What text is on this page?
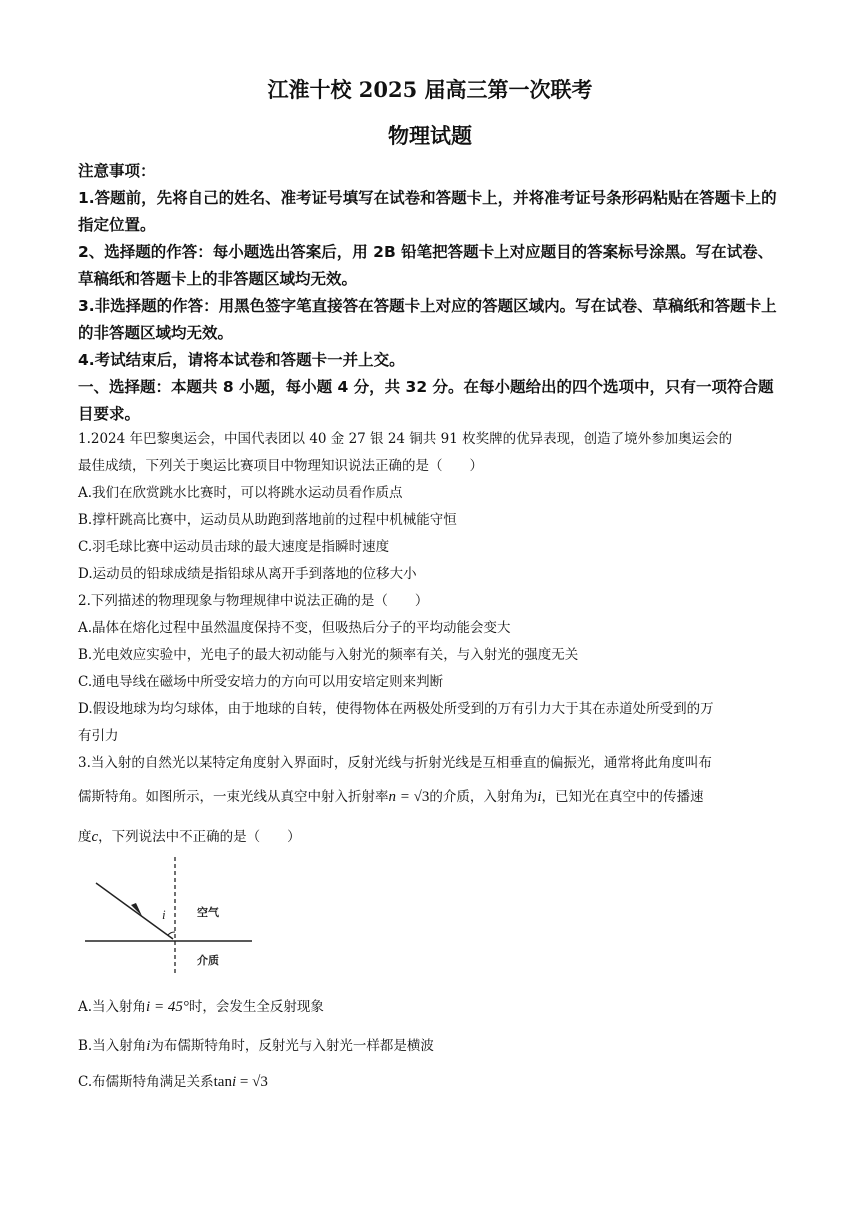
江淮十校 2025 届高三第一次联考
物理试题
注意事项：
1.答题前，先将自己的姓名、准考证号填写在试卷和答题卡上，并将准考证号条形码粘贴在答题卡上的指定位置。
2、选择题的作答：每小题选出答案后，用 2B 铅笔把答题卡上对应题目的答案标号涂黑。写在试卷、草稿纸和答题卡上的非答题区域均无效。
3.非选择题的作答：用黑色签字笔直接答在答题卡上对应的答题区域内。写在试卷、草稿纸和答题卡上的非答题区域均无效。
4.考试结束后，请将本试卷和答题卡一并上交。
一、选择题：本题共 8 小题，每小题 4 分，共 32 分。在每小题给出的四个选项中，只有一项符合题目要求。
1.2024 年巴黎奥运会，中国代表团以 40 金 27 银 24 铜共 91 枚奖牌的优异表现，创造了境外参加奥运会的
最佳成绩，下列关于奥运比赛项目中物理知识说法正确的是（　　）
A.我们在欣赏跳水比赛时，可以将跳水运动员看作质点
B.撑杆跳高比赛中，运动员从助跑到落地前的过程中机械能守恒
C.羽毛球比赛中运动员击球的最大速度是指瞬时速度
D.运动员的铅球成绩是指铅球从离开手到落地的位移大小
2.下列描述的物理现象与物理规律中说法正确的是（　　）
A.晶体在熔化过程中虽然温度保持不变，但吸热后分子的平均动能会变大
B.光电效应实验中，光电子的最大初动能与入射光的频率有关，与入射光的强度无关
C.通电导线在磁场中所受安培力的方向可以用安培定则来判断
D.假设地球为均匀球体，由于地球的自转，使得物体在两极处所受到的万有引力大于其在赤道处所受到的万
有引力
3.当入射的自然光以某特定角度射入界面时，反射光线与折射光线是互相垂直的偏振光，通常将此角度叫布
儒斯特角。如图所示，一束光线从真空中射入折射率n = √3的介质，入射角为i，已知光在真空中的传播速
度c，下列说法中不正确的是（　　）
i	空气
介质
A.当入射角i = 45°时，会发生全反射现象
B.当入射角i为布儒斯特角时，反射光与入射光一样都是横波
C.布儒斯特角满足关系tani = √3
